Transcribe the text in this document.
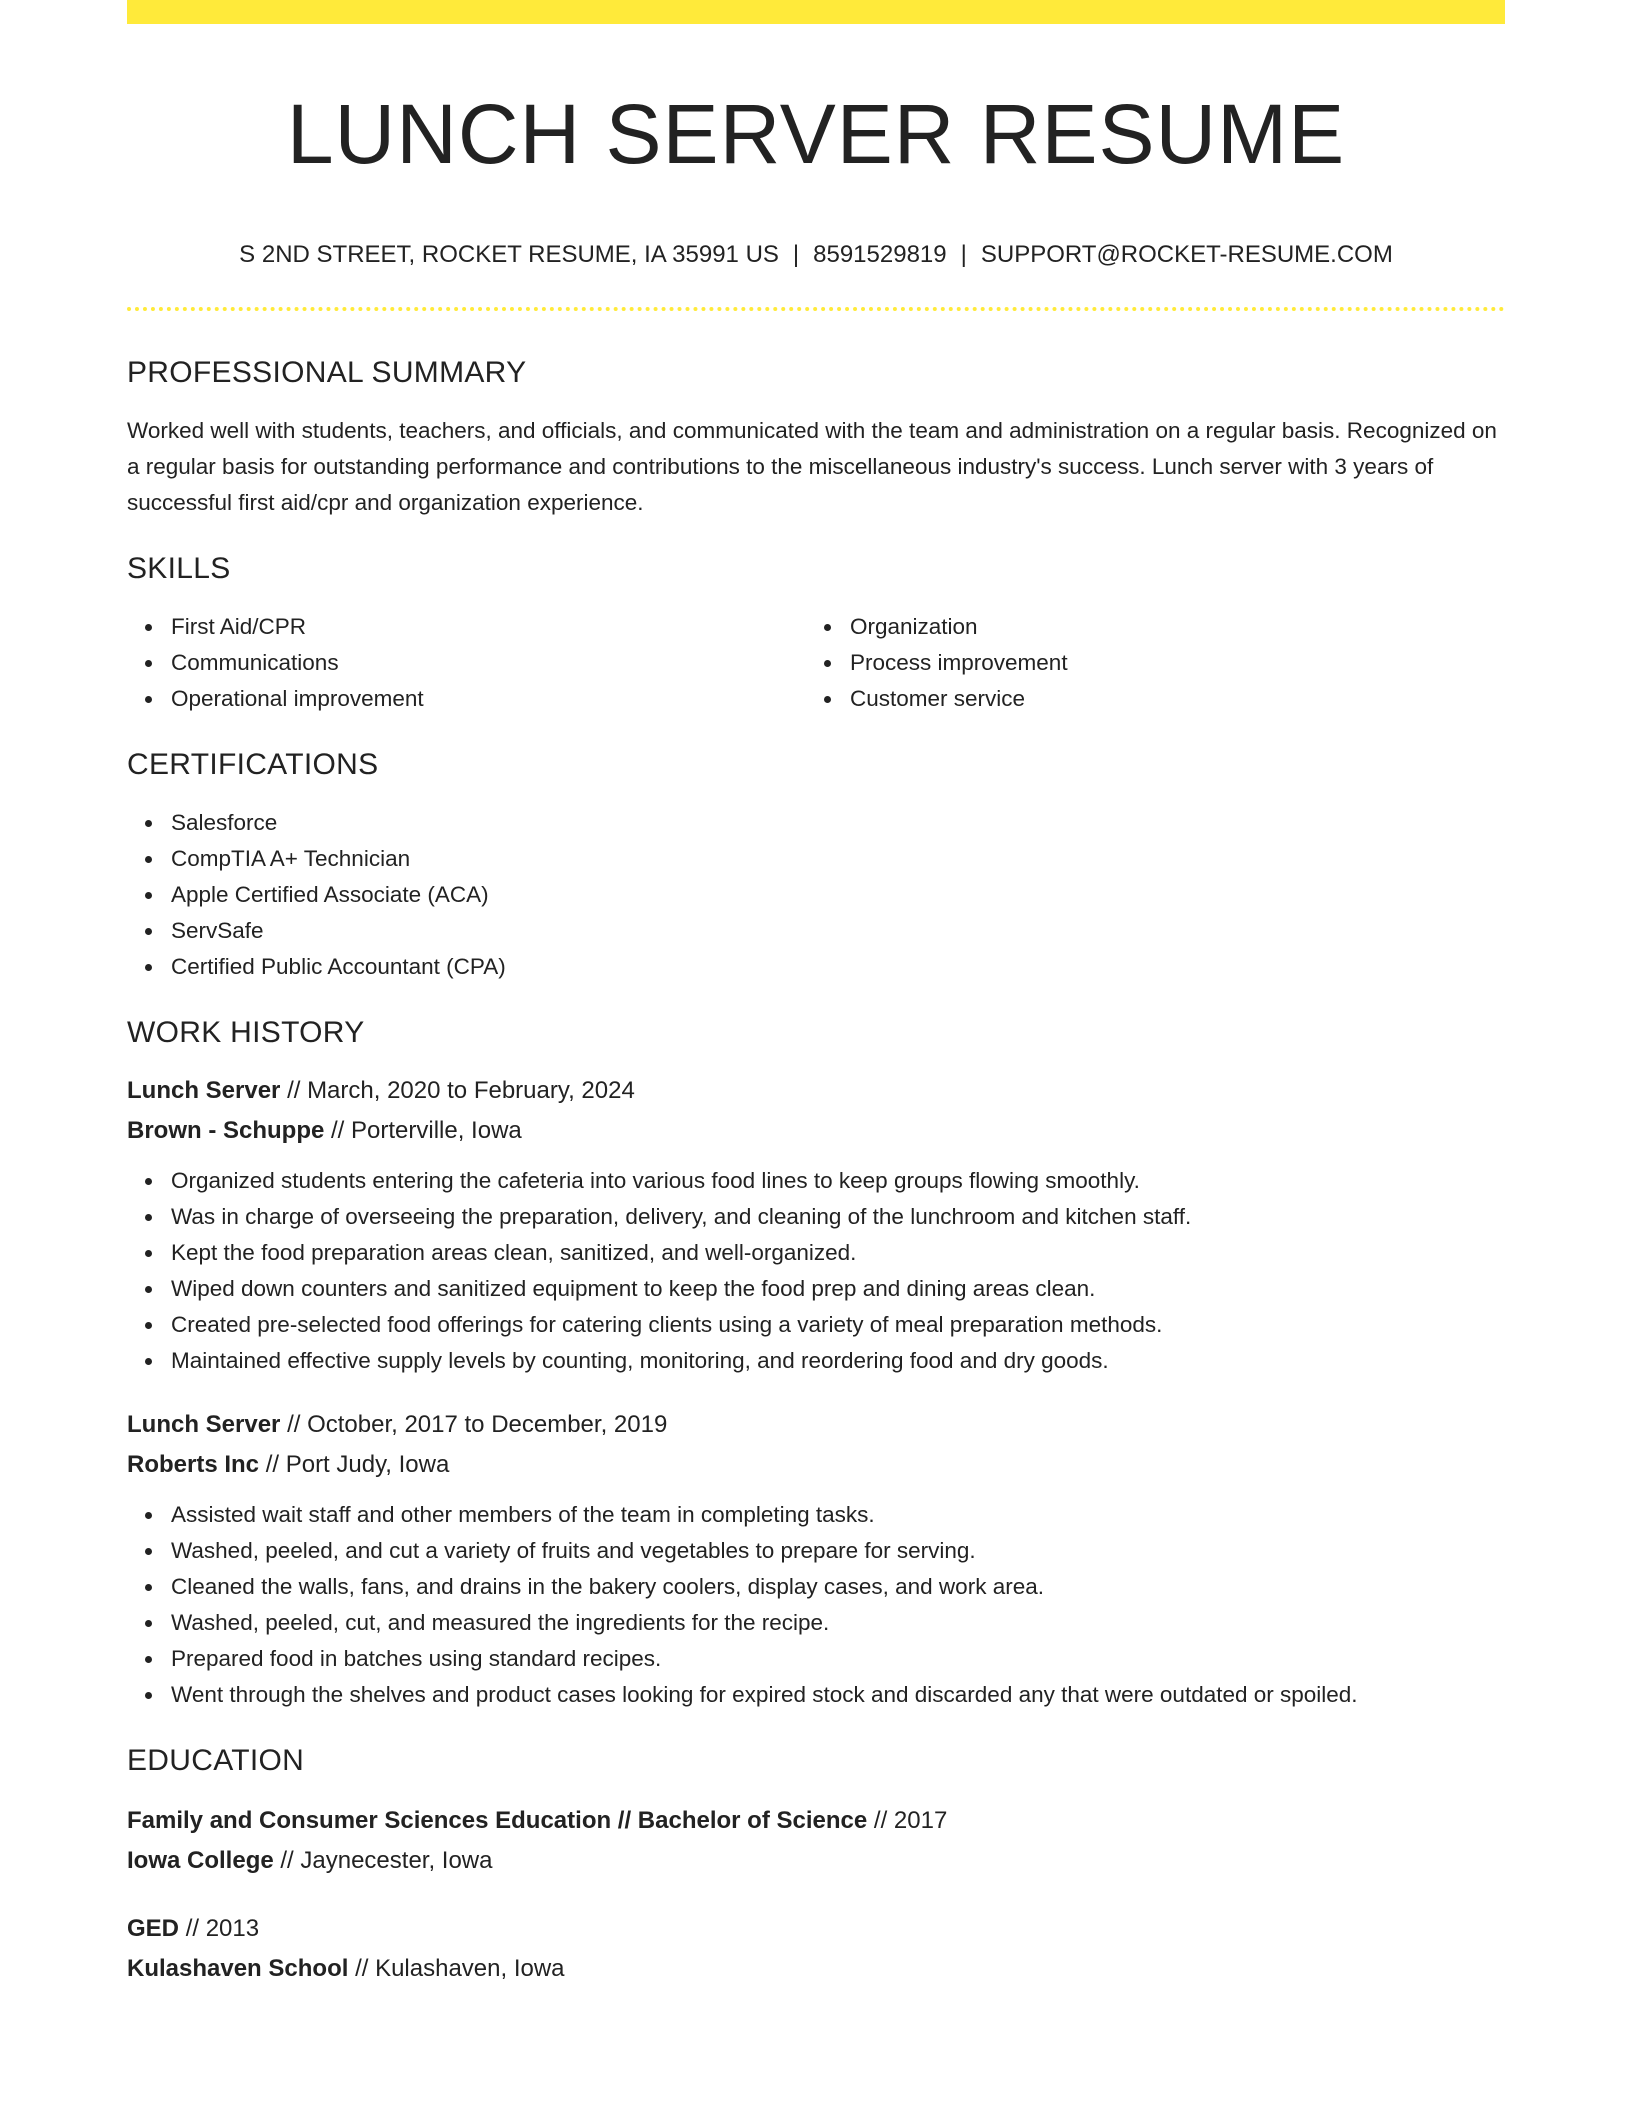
LUNCH SERVER RESUME
S 2ND STREET, ROCKET RESUME, IA 35991 US | 8591529819 | SUPPORT@ROCKET-RESUME.COM
PROFESSIONAL SUMMARY
Worked well with students, teachers, and officials, and communicated with the team and administration on a regular basis. Recognized on a regular basis for outstanding performance and contributions to the miscellaneous industry's success. Lunch server with 3 years of successful first aid/cpr and organization experience.
SKILLS
First Aid/CPR
Communications
Operational improvement
Organization
Process improvement
Customer service
CERTIFICATIONS
Salesforce
CompTIA A+ Technician
Apple Certified Associate (ACA)
ServSafe
Certified Public Accountant (CPA)
WORK HISTORY
Lunch Server // March, 2020 to February, 2024
Brown - Schuppe // Porterville, Iowa
Organized students entering the cafeteria into various food lines to keep groups flowing smoothly.
Was in charge of overseeing the preparation, delivery, and cleaning of the lunchroom and kitchen staff.
Kept the food preparation areas clean, sanitized, and well-organized.
Wiped down counters and sanitized equipment to keep the food prep and dining areas clean.
Created pre-selected food offerings for catering clients using a variety of meal preparation methods.
Maintained effective supply levels by counting, monitoring, and reordering food and dry goods.
Lunch Server // October, 2017 to December, 2019
Roberts Inc // Port Judy, Iowa
Assisted wait staff and other members of the team in completing tasks.
Washed, peeled, and cut a variety of fruits and vegetables to prepare for serving.
Cleaned the walls, fans, and drains in the bakery coolers, display cases, and work area.
Washed, peeled, cut, and measured the ingredients for the recipe.
Prepared food in batches using standard recipes.
Went through the shelves and product cases looking for expired stock and discarded any that were outdated or spoiled.
EDUCATION
Family and Consumer Sciences Education // Bachelor of Science // 2017
Iowa College // Jaynecester, Iowa
GED // 2013
Kulashaven School // Kulashaven, Iowa
